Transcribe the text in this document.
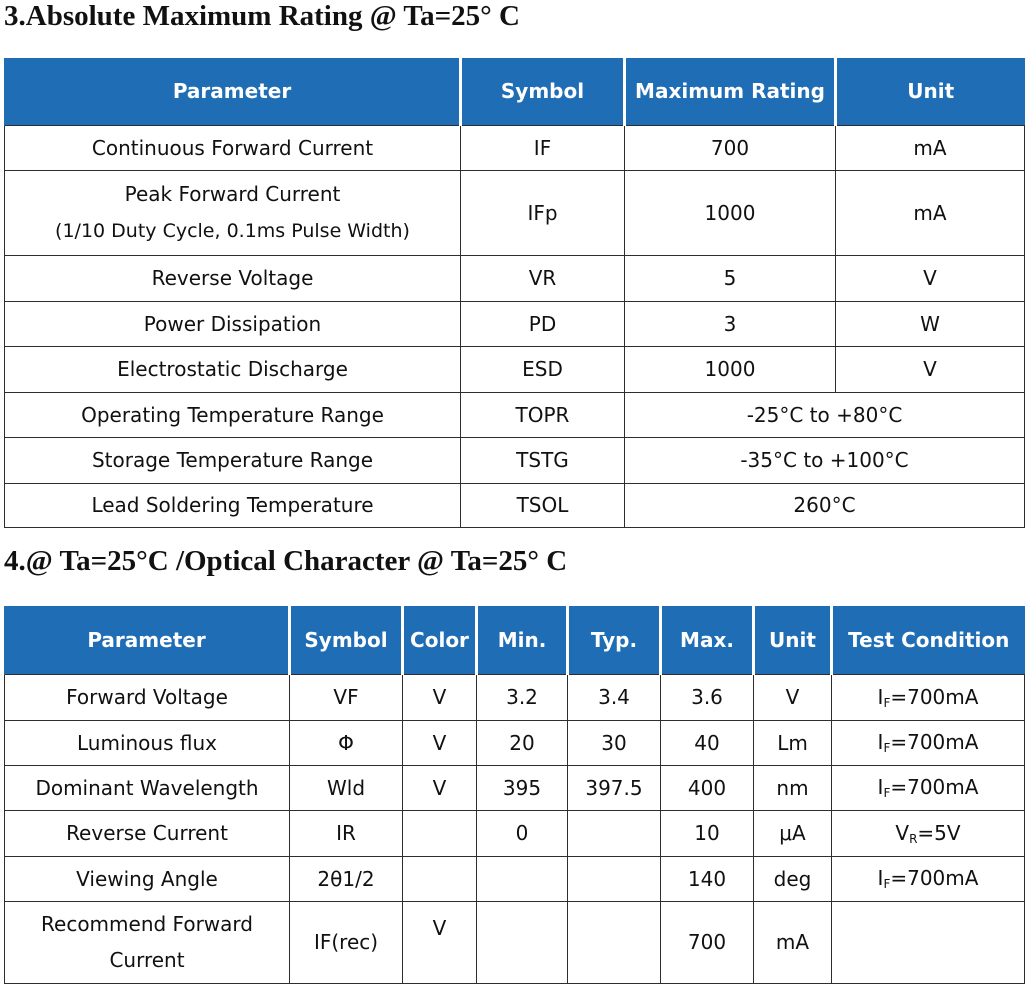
3.Absolute Maximum Rating @ Ta=25° C
Parameter	Symbol	Maximum Rating	Unit
Continuous Forward Current	IF	700	mA

Peak Forward Current
(1/10 Duty Cycle, 0.1ms Pulse Width)	IFp	1000	mA
Reverse Voltage	VR	5	V
Power Dissipation	PD	3	W
Electrostatic Discharge	ESD	1000	V
Operating Temperature Range	TOPR	-25°C to +80°C	
Storage Temperature Range	TSTG	-35°C to +100°C	
Lead Soldering Temperature	TSOL	260°C	
4.@ Ta=25°C /Optical Character @ Ta=25° C
Parameter	Symbol	Color	Min.	Typ.	Max.	Unit	Test Condition
Forward Voltage	VF	V	3.2	3.4	3.6	V	$I_F=700mA$
Luminous flux	Φ	V	20	30	40	Lm	$I_F=700mA$
Dominant Wavelength	Wld	V	395	397.5	400	nm	$I_F=700mA$
Reverse Current	IR		0		10	μA	$V_R=5V$
Viewing Angle	2θ1/2				140	deg	$I_F=700mA$

Recommend Forward
Current	IF(rec)	V			700	mA	
